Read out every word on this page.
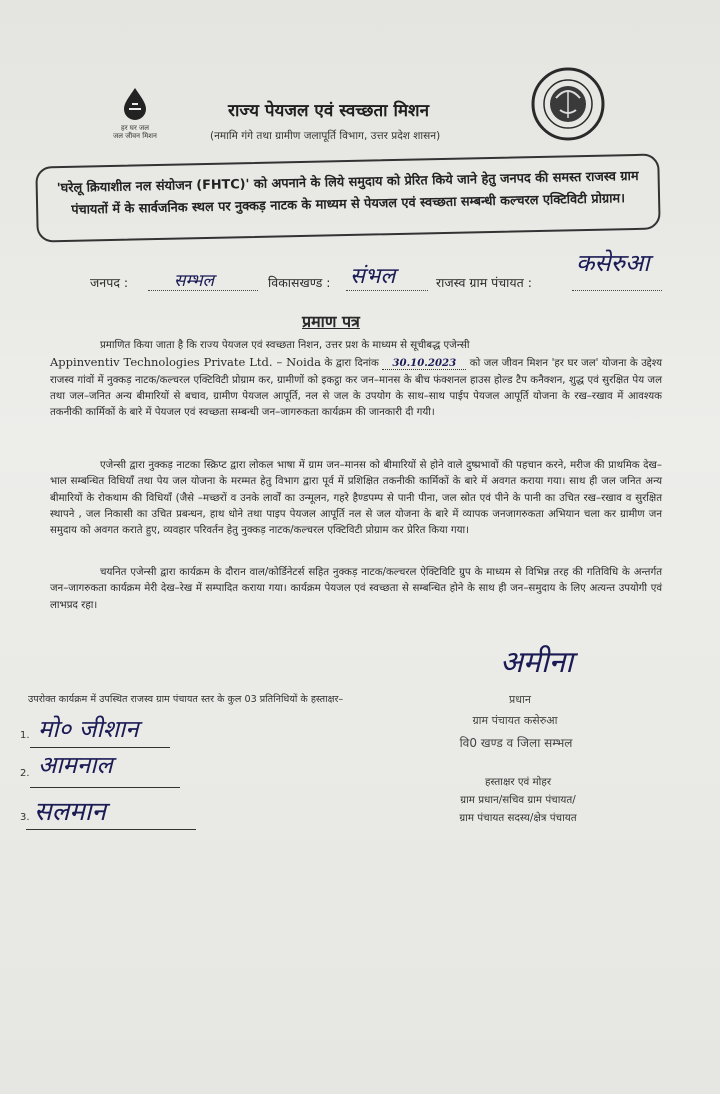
हर घर जल
जल जीवन मिशन
राज्य पेयजल एवं स्वच्छता मिशन
(नमामि गंगे तथा ग्रामीण जलापूर्ति विभाग, उत्तर प्रदेश शासन)
'घरेलू क्रियाशील नल संयोजन (FHTC)' को अपनाने के लिये समुदाय को प्रेरित किये जाने हेतु जनपद की समस्त राजस्व ग्राम पंचायतों में के सार्वजनिक स्थल पर नुक्कड़ नाटक के माध्यम से पेयजल एवं स्वच्छता सम्बन्धी कल्चरल एक्टिविटी प्रोग्राम।
जनपद :	सम्भल	विकासखण्ड : संभल	राजस्व ग्राम पंचायत :
कसेरुआ
प्रमाण पत्र
प्रमाणित किया जाता है कि राज्य पेयजल एवं स्वच्छता निशन, उत्तर प्रश के माध्यम से सूचीबद्ध एजेन्सी
Appinventiv Technologies Private Ltd. – Noida के द्वारा दिनांक 30.10.2023 को जल जीवन मिशन 'हर घर जल' योजना के उद्देश्य राजस्व गांवों में नुक्कड़ नाटक/कल्चरल एक्टिविटी प्रोग्राम कर, ग्रामीणों को इकट्ठा कर जन–मानस के बीच फंक्शनल हाउस होल्ड टैप कनैक्शन, शुद्ध एवं सुरक्षित पेय जल तथा जल–जनित अन्य बीमारियों से बचाव, ग्रामीण पेयजल आपूर्ति, नल से जल के उपयोग के साथ–साथ पाईप पेयजल आपूर्ति योजना के रख–रखाव में आवश्यक तकनीकी कार्मिकों के बारे में पेयजल एवं स्वच्छता सम्बन्धी जन–जागरुकता कार्यक्रम की जानकारी दी गयी।
एजेन्सी द्वारा नुक्कड़ नाटका स्क्रिप्ट द्वारा लोकल भाषा में ग्राम जन–मानस को बीमारियों से होने वाले दुष्प्रभावों की पहचान करने, मरीज की प्राथमिक देख–भाल सम्बन्धित विधियाँ तथा पेय जल योजना के मरम्मत हेतु विभाग द्वारा पूर्व में प्रशिक्षित तकनीकी कार्मिकों के बारे में अवगत कराया गया। साथ ही जल जनित अन्य बीमारियों के रोकथाम की विधियाँ (जैसे –मच्छरों व उनके लार्वों का उन्मूलन, गहरे हैण्डपम्प से पानी पीना, जल स्रोत एवं पीने के पानी का उचित रख–रखाव व सुरक्षित स्थापने , जल निकासी का उचित प्रबन्धन, हाथ धोने तथा पाइप पेयजल आपूर्ति नल से जल योजना के बारे में व्यापक जनजागरुकता अभियान चला कर ग्रामीण जन समुदाय को अवगत कराते हुए, व्यवहार परिवर्तन हेतु नुक्कड़ नाटक/कल्चरल एक्टिविटी प्रोग्राम कर प्रेरित किया गया।
चयनित एजेन्सी द्वारा कार्यक्रम के दौरान वाल/कोर्डिनेटर्स सहित नुक्कड़ नाटक/कल्चरल ऐक्टिविटि ग्रुप के माध्यम से विभिन्न तरह की गतिविधि के अन्तर्गत जन–जागरुकता कार्यक्रम मेरी देख–रेख में सम्पादित कराया गया। कार्यक्रम पेयजल एवं स्वच्छता से सम्बन्धित होने के साथ ही जन–समुदाय के लिए अत्यन्त उपयोगी एवं लाभप्रद रहा।
अमीना
प्रधान
ग्राम पंचायत कसेरुआ
वि0 खण्ड व जिला सम्भल
उपरोक्त कार्यक्रम में उपस्थित राजस्व ग्राम पंचायत स्तर के कुल 03 प्रतिनिधियों के हस्ताक्षर–
1. मो० जीशान
2. आमनाल
3. सलमान
हस्ताक्षर एवं मोहर
ग्राम प्रधान/सचिव ग्राम पंचायत/
ग्राम पंचायत सदस्य/क्षेत्र पंचायत
